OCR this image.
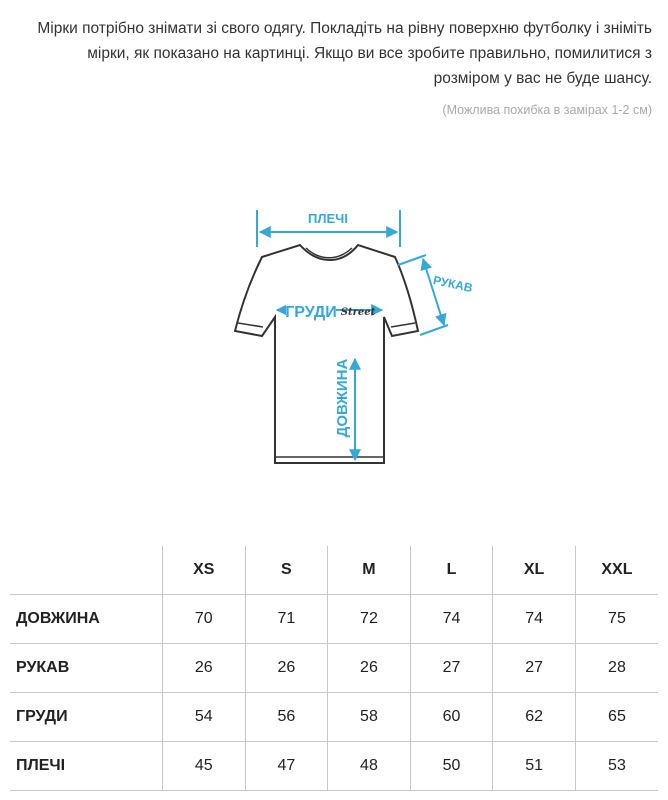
Мірки потрібно знімати зі свого одягу. Покладіть на рівну поверхню футболку і зніміть мірки, як показано на картинці. Якщо ви все зробите правильно, помилитися з розміром у вас не буде шансу.
(Можлива похибка в замірах 1-2 см)
ПЛЕЧІ
РУКАВ
ГРУДИ Street
ДОВЖИНА
	XS	S	M	L	XL	XXL
ДОВЖИНА	70	71	72	74	74	75
РУКАВ	26	26	26	27	27	28
ГРУДИ	54	56	58	60	62	65
ПЛЕЧІ	45	47	48	50	51	53
